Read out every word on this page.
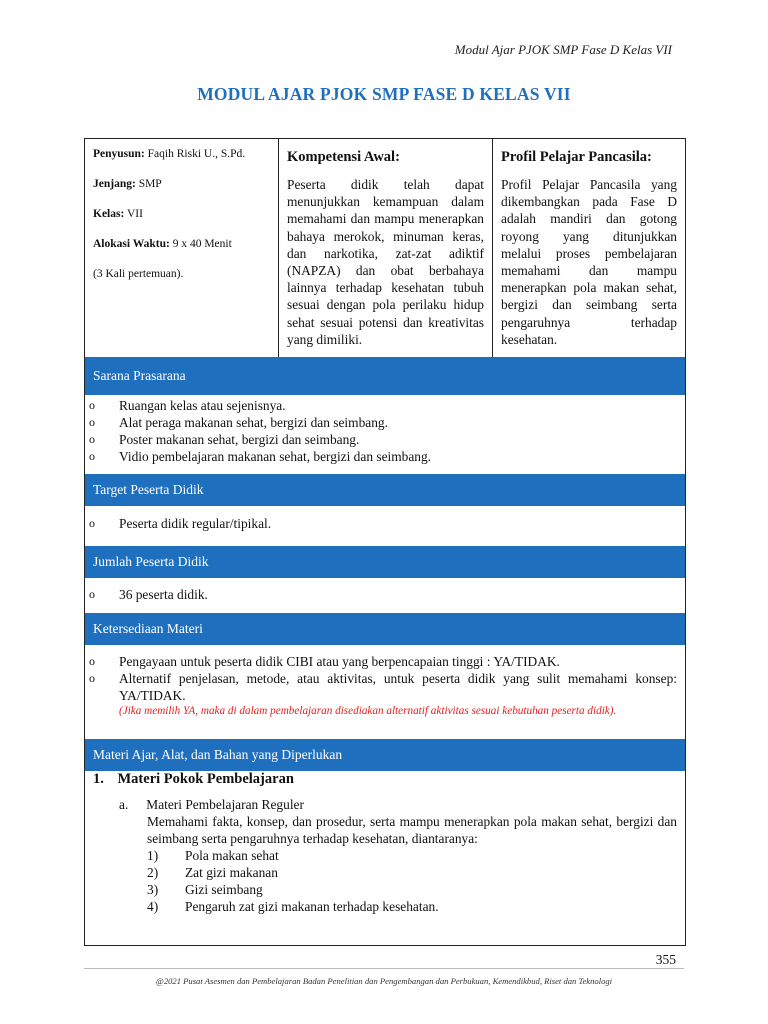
Modul Ajar PJOK SMP Fase D Kelas VII
MODUL AJAR PJOK SMP FASE D KELAS VII

Penyusun: Faqih Riski U., S.Pd.

Jenjang: SMP

Kelas: VII

Alokasi Waktu: 9 x 40 Menit

(3 Kali pertemuan).

Kompetensi Awal:

Peserta didik telah dapat menunjukkan kemampuan dalam memahami dan mampu menerapkan bahaya merokok, minuman keras, dan narkotika, zat-zat adiktif (NAPZA) dan obat berbahaya lainnya terhadap kesehatan tubuh sesuai dengan pola perilaku hidup sehat sesuai potensi dan kreativitas yang dimiliki.

Profil Pelajar Pancasila:

Profil Pelajar Pancasila yang dikembangkan pada Fase D adalah mandiri dan gotong royong yang ditunjukkan melalui proses pembelajaran memahami dan mampu menerapkan pola makan sehat, bergizi dan seimbang serta pengaruhnya terhadap kesehatan.

Sarana Prasarana
o Ruangan kelas atau sejenisnya.
o Alat peraga makanan sehat, bergizi dan seimbang.
o Poster makanan sehat, bergizi dan seimbang.
o Vidio pembelajaran makanan sehat, bergizi dan seimbang.
Target Peserta Didik
o Peserta didik regular/tipikal.
Jumlah Peserta Didik
o 36 peserta didik.
Ketersediaan Materi
o Pengayaan untuk peserta didik CIBI atau yang berpencapaian tinggi : YA/TIDAK.
o Alternatif penjelasan, metode, atau aktivitas, untuk peserta didik yang sulit memahami konsep: YA/TIDAK.
(Jika memilih YA, maka di dalam pembelajaran disediakan alternatif aktivitas sesuai kebutuhan peserta didik).
Materi Ajar, Alat, dan Bahan yang Diperlukan
1. Materi Pokok Pembelajaran
a. Materi Pembelajaran Reguler
Memahami fakta, konsep, dan prosedur, serta mampu menerapkan pola makan sehat, bergizi dan seimbang serta pengaruhnya terhadap kesehatan, diantaranya:
1) Pola makan sehat
2) Zat gizi makanan
3) Gizi seimbang
4) Pengaruh zat gizi makanan terhadap kesehatan.
355
@2021 Pusat Asesmen dan Pembelajaran Badan Penelitian dan Pengembangan dan Perbukuan, Kemendikbud, Riset dan Teknologi
